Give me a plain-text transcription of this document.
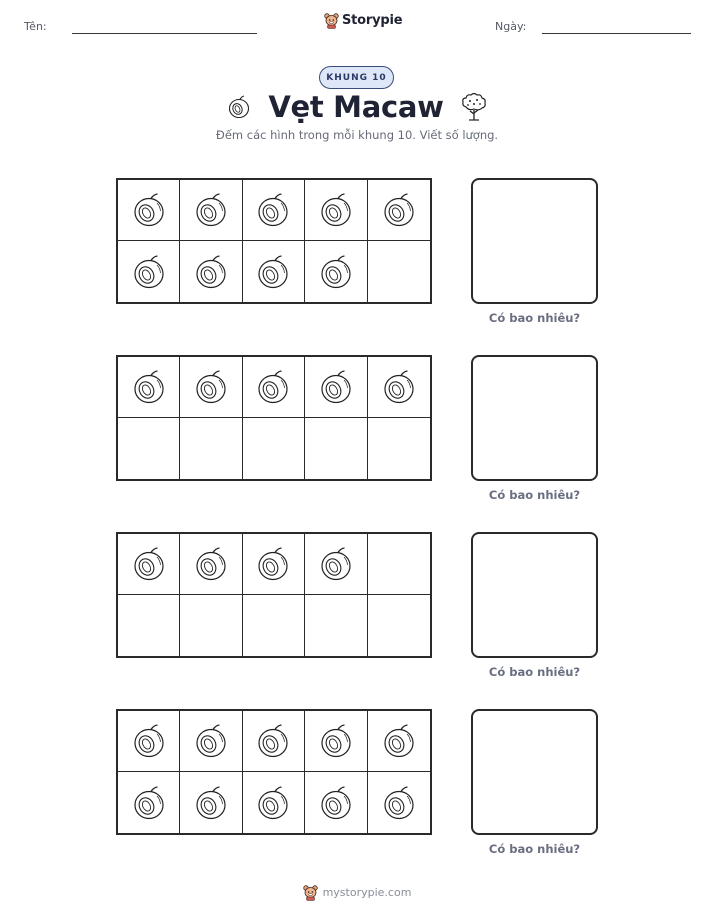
Tên:	Storypie	Ngày:
KHUNG 10
Vẹt Macaw
Đếm các hình trong mỗi khung 10. Viết số lượng.
Có bao nhiêu?
Có bao nhiêu?
Có bao nhiêu?
Có bao nhiêu?
mystorypie.com
